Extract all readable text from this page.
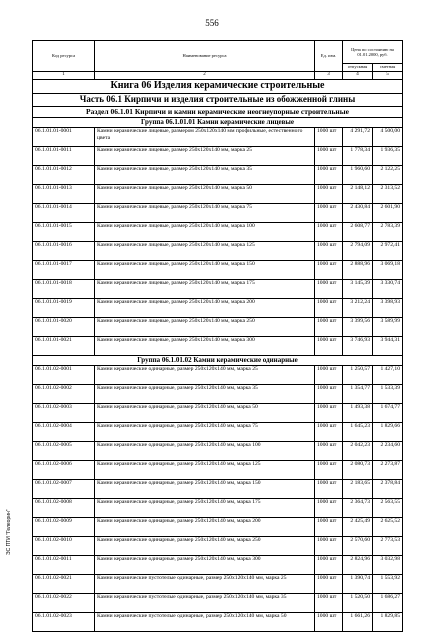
556
ЭС ПТИ "Гелеорин"
Код ресурса	Наименование ресурса	Ед. изм.	Цена по состоянию на 01.01.2000, руб.	
			отпускная	сметная
1	2	3	4	5
Книга 06 Изделия керамические строительные				
Часть 06.1 Кирпичи и изделия строительные из обожженной глины				
Раздел 06.1.01 Кирпичи и камни керамические неогнеупорные строительные				
Группа 06.1.01.01 Камни керамические лицевые				
06.1.01.01-0001	Камни керамические лицевые, размером 250x120x140 мм профильные, естественного цвета	1000 шт	4 291,72	4 500,00
06.1.01.01-0011	Камни керамические лицевые, размер 250x120x140 мм, марка 25	1000 шт	1 778,34	1 936,35
06.1.01.01-0012	Камни керамические лицевые, размер 250x120x140 мм, марка 35	1000 шт	1 960,60	2 122,25
06.1.01.01-0013	Камни керамические лицевые, размер 250x120x140 мм, марка 50	1000 шт	2 148,12	2 313,52
06.1.01.01-0014	Камни керамические лицевые, размер 250x120x140 мм, марка 75	1000 шт	2 430,84	2 601,90
06.1.01.01-0015	Камни керамические лицевые, размер 250x120x140 мм, марка 100	1000 шт	2 608,77	2 783,39
06.1.01.01-0016	Камни керамические лицевые, размер 250x120x140 мм, марка 125	1000 шт	2 794,09	2 972,41
06.1.01.01-0017	Камни керамические лицевые, размер 250x120x140 мм, марка 150	1000 шт	2 888,96	3 069,18
06.1.01.01-0018	Камни керамические лицевые, размер 250x120x140 мм, марка 175	1000 шт	3 145,39	3 330,74
06.1.01.01-0019	Камни керамические лицевые, размер 250x120x140 мм, марка 200	1000 шт	3 212,24	3 398,93
06.1.01.01-0020	Камни керамические лицевые, размер 250x120x140 мм, марка 250	1000 шт	3 399,56	3 589,99
06.1.01.01-0021	Камни керамические лицевые, размер 250x120x140 мм, марка 300	1000 шт	3 746,93	3 944,31
Группа 06.1.01.02 Камни керамические одинарные				
06.1.01.02-0001	Камни керамические одинарные, размер 250x120x140 мм, марка 25	1000 шт	1 250,57	1 427,10
06.1.01.02-0002	Камни керамические одинарные, размер 250x120x140 мм, марка 35	1000 шт	1 354,77	1 533,39
06.1.01.02-0003	Камни керамические одинарные, размер 250x120x140 мм, марка 50	1000 шт	1 493,38	1 674,77
06.1.01.02-0004	Камни керамические одинарные, размер 250x120x140 мм, марка 75	1000 шт	1 645,23	1 829,66
06.1.01.02-0005	Камни керамические одинарные, размер 250x120x140 мм, марка 100	1000 шт	2 042,23	2 234,60
06.1.01.02-0006	Камни керамические одинарные, размер 250x120x140 мм, марка 125	1000 шт	2 080,73	2 273,87
06.1.01.02-0007	Камни керамические одинарные, размер 250x120x140 мм, марка 150	1000 шт	2 183,65	2 378,84
06.1.01.02-0008	Камни керамические одинарные, размер 250x120x140 мм, марка 175	1000 шт	2 364,73	2 563,55
06.1.01.02-0009	Камни керамические одинарные, размер 250x120x140 мм, марка 200	1000 шт	2 425,49	2 625,52
06.1.01.02-0010	Камни керамические одинарные, размер 250x120x140 мм, марка 250	1000 шт	2 570,60	2 773,53
06.1.01.02-0011	Камни керамические одинарные, размер 250x120x140 мм, марка 300	1000 шт	2 824,96	3 032,98
06.1.01.02-0021	Камни керамические пустотелые одинарные, размер 250x120x140 мм, марка 25	1000 шт	1 390,74	1 553,92
06.1.01.02-0022	Камни керамические пустотелые одинарные, размер 250x120x140 мм, марка 35	1000 шт	1 520,50	1 686,27
06.1.01.02-0023	Камни керамические пустотелые одинарные, размер 250x120x140 мм, марка 50	1000 шт	1 661,26	1 829,85
